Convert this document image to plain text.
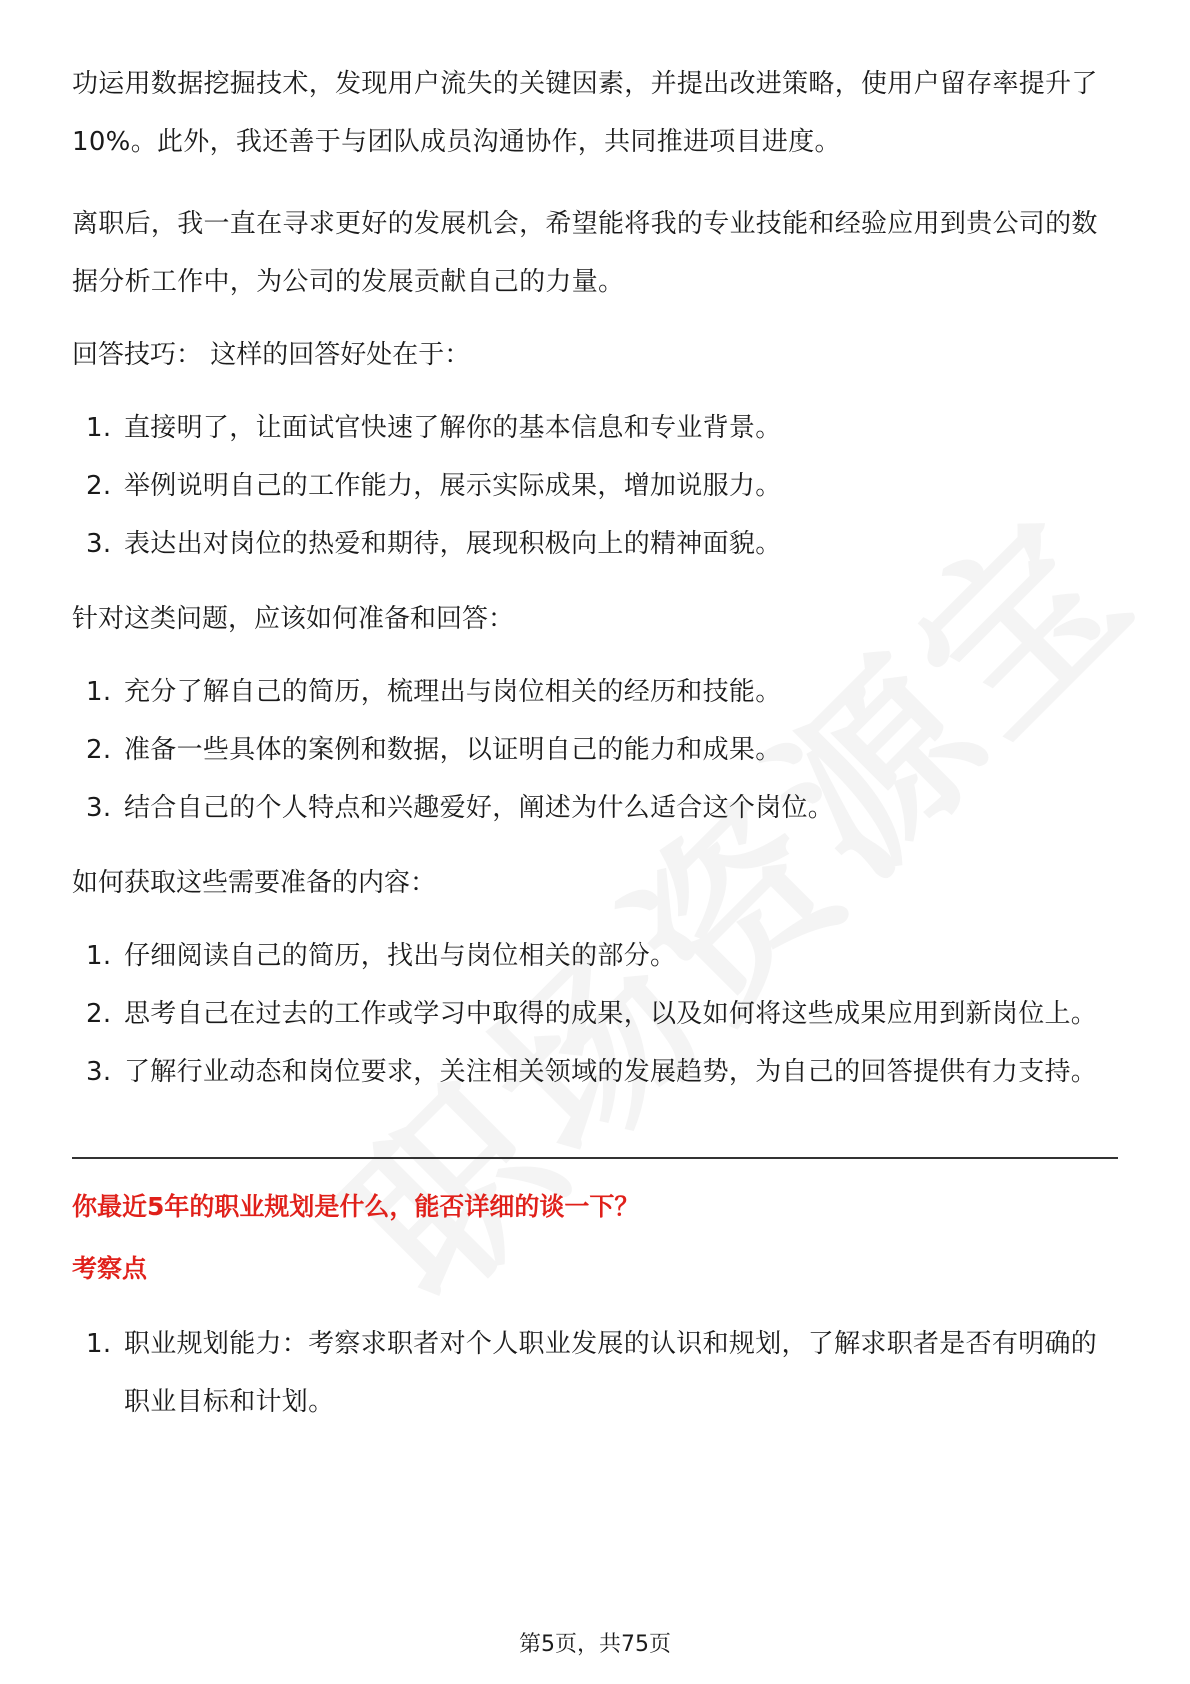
功运用数据挖掘技术，发现用户流失的关键因素，并提出改进策略，使用户留存率提升了10%。此外，我还善于与团队成员沟通协作，共同推进项目进度。

离职后，我一直在寻求更好的发展机会，希望能将我的专业技能和经验应用到贵公司的数据分析工作中，为公司的发展贡献自己的力量。

回答技巧： 这样的回答好处在于：

1. 直接明了，让面试官快速了解你的基本信息和专业背景。
2. 举例说明自己的工作能力，展示实际成果，增加说服力。
3. 表达出对岗位的热爱和期待，展现积极向上的精神面貌。

针对这类问题，应该如何准备和回答：

1. 充分了解自己的简历，梳理出与岗位相关的经历和技能。
2. 准备一些具体的案例和数据，以证明自己的能力和成果。
3. 结合自己的个人特点和兴趣爱好，阐述为什么适合这个岗位。

如何获取这些需要准备的内容：

1. 仔细阅读自己的简历，找出与岗位相关的部分。
2. 思考自己在过去的工作或学习中取得的成果，以及如何将这些成果应用到新岗位上。
3. 了解行业动态和岗位要求，关注相关领域的发展趋势，为自己的回答提供有力支持。

你最近5年的职业规划是什么，能否详细的谈一下？

考察点

1. 职业规划能力：考察求职者对个人职业发展的认识和规划，了解求职者是否有明确的职业目标和计划。
第5页，共75页
